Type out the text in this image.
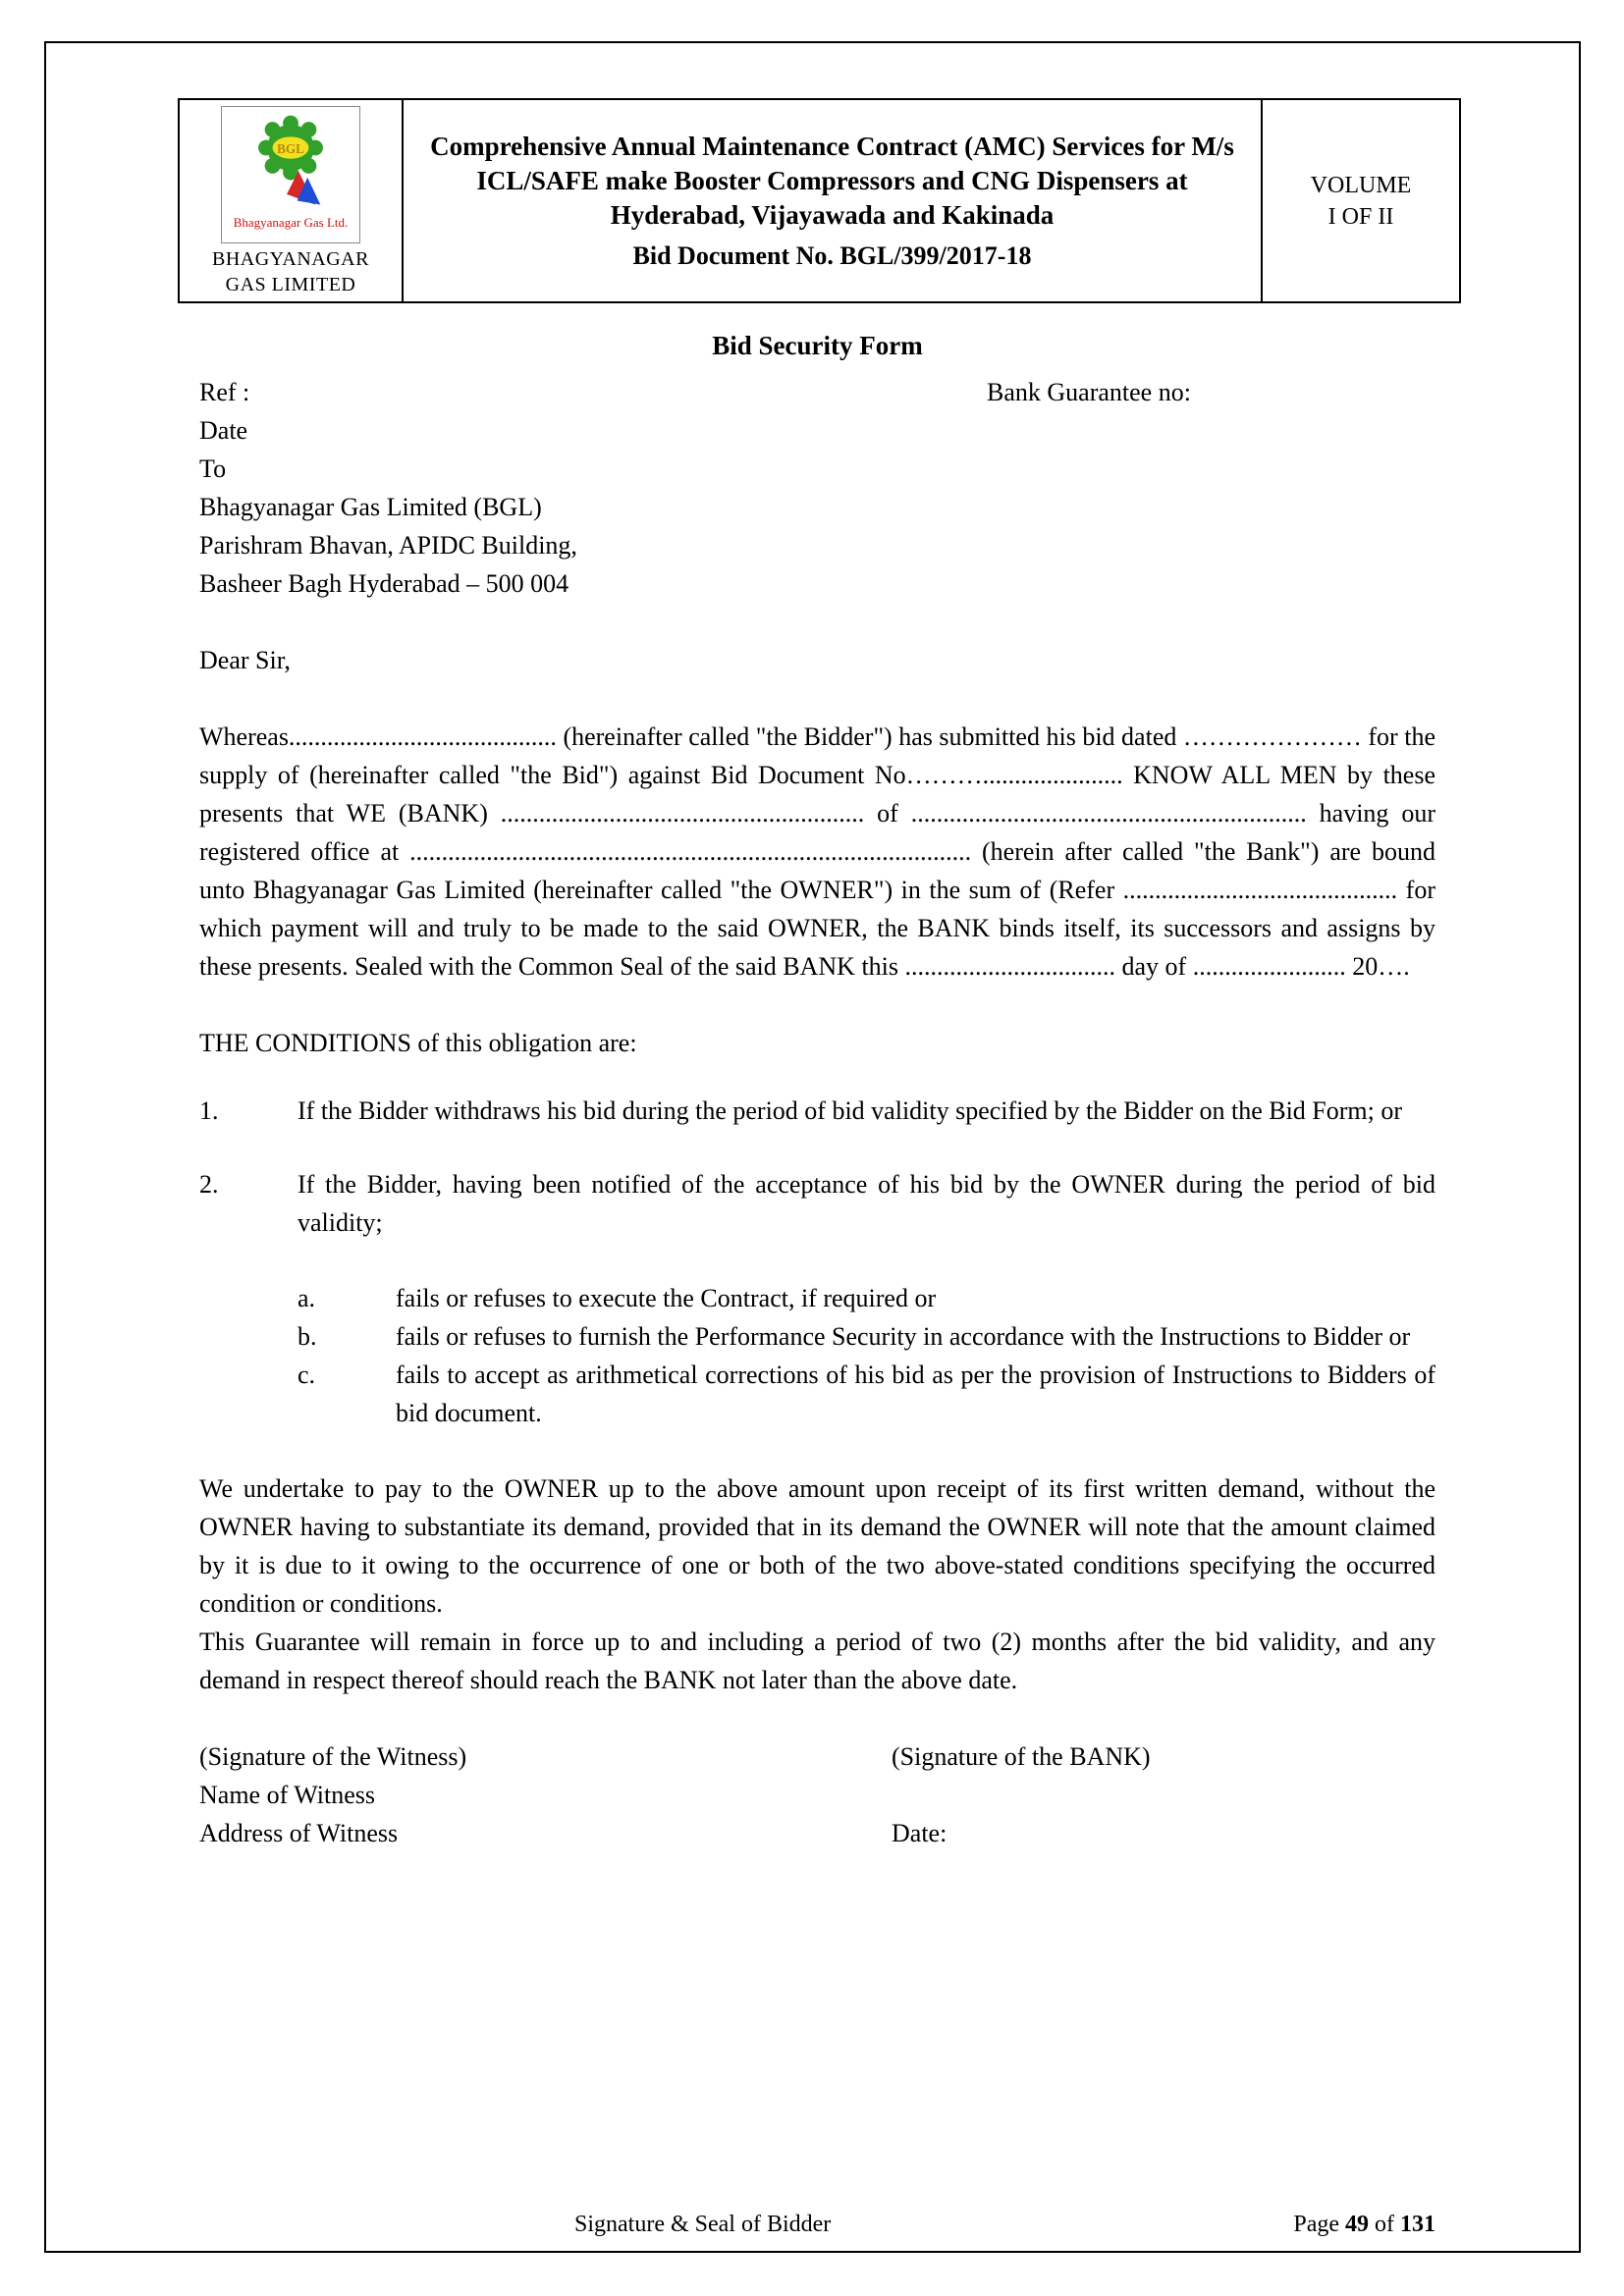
BGL
Bhagyanagar Gas Ltd.
BHAGYANAGAR
GAS LIMITED

Comprehensive Annual Maintenance Contract (AMC) Services for M/s ICL/SAFE make Booster Compressors and CNG Dispensers at Hyderabad, Vijayawada and Kakinada
Bid Document No. BGL/399/2017-18

VOLUME
I OF II
Bid Security Form
Ref :	Bank Guarantee no:
Date
To
Bhagyanagar Gas Limited (BGL)
Parishram Bhavan, APIDC Building,
Basheer Bagh Hyderabad – 500 004
Dear Sir,

Whereas.......................................... (hereinafter called "the Bidder") has submitted his bid dated ………………… for the supply of (hereinafter called "the Bid") against Bid Document No………...................... KNOW ALL MEN by these presents that WE (BANK) ......................................................... of .............................................................. having our registered office at ........................................................................................ (herein after called "the Bank") are bound unto Bhagyanagar Gas Limited (hereinafter called "the OWNER") in the sum of (Refer ........................................... for which payment will and truly to be made to the said OWNER, the BANK binds itself, its successors and assigns by these presents. Sealed with the Common Seal of the said BANK this ................................. day of ........................ 20….

THE CONDITIONS of this obligation are:
1.	If the Bidder withdraws his bid during the period of bid validity specified by the Bidder on the Bid Form; or
2.	If the Bidder, having been notified of the acceptance of his bid by the OWNER during the period of bid validity;
a.	fails or refuses to execute the Contract, if required or
b.	fails or refuses to furnish the Performance Security in accordance with the Instructions to Bidder or
c.	fails to accept as arithmetical corrections of his bid as per the provision of Instructions to Bidders of bid document.

We undertake to pay to the OWNER up to the above amount upon receipt of its first written demand, without the OWNER having to substantiate its demand, provided that in its demand the OWNER will note that the amount claimed by it is due to it owing to the occurrence of one or both of the two above-stated conditions specifying the occurred condition or conditions.

This Guarantee will remain in force up to and including a period of two (2) months after the bid validity, and any demand in respect thereof should reach the BANK not later than the above date.

(Signature of the Witness)	(Signature of the BANK)
Name of Witness
Address of Witness	Date:
Signature & Seal of Bidder	Page 49 of 131
